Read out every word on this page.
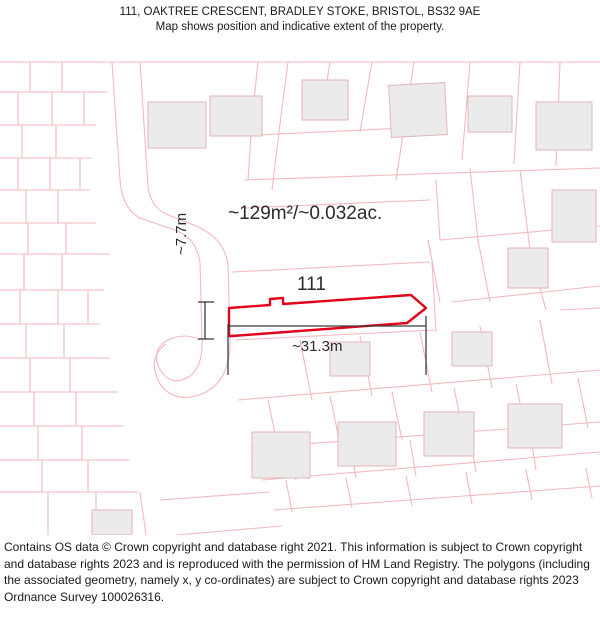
111, OAKTREE CRESCENT, BRADLEY STOKE, BRISTOL, BS32 9AE
Map shows position and indicative extent of the property.
~129m²/~0.032ac.
111
~31.3m
~7.7m

Contains OS data © Crown copyright and database right 2021. This information is subject to Crown copyright and database rights 2023 and is reproduced with the permission of HM Land Registry. The polygons (including the associated geometry, namely x, y co-ordinates) are subject to Crown copyright and database rights 2023 Ordnance Survey 100026316.
